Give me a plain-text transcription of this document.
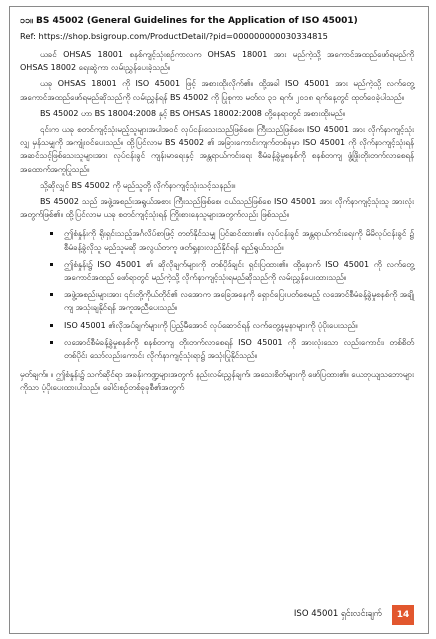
၁၁။ BS 45002 (General Guidelines for the Application of ISO 45001)
Ref: https://shop.bsigroup.com/ProductDetail/?pid=000000000030334815
ယခင် OHSAS 18001 စနစ်ကျင့်သုံးစဉ်ကာလက OHSAS 18001 အား မည်ကဲ့သို့ အကောင်အထည်ဖော်ရမည်ကို OHSAS 18002 ရေးဆွဲကာ လမ်းညွှန်ပေးခဲ့သည်။
ယခု OHSAS 18001 ကို ISO 45001 ဖြင့် အစားထိုးလိုက်၏။ ထို့အခါ ISO 45001 အား မည်ကဲ့သို့ လက်တွေ့ အကောင်အထည်ဖော်ရမည်ဆိုသည်ကို လမ်းညွှန်ရန် BS 45002 ကို ပြုစုကာ မတ်လ ၃၁ ရက်၊ ၂၀၁၈ ရက်နေ့တွင် ထုတ်ဝေခဲ့ပါသည်။
BS 45002 ဟာ BS 18004:2008 နှင့် BS OHSAS 18002:2008 တို့နေရာတွင် အစားထိုးမည်။
၎င်းက ယခု စတင်ကျင့်သုံးမည့်သူများအပါအဝင် လုပ်ငန်းသေးသည်ဖြစ်စေ၊ ကြီးသည်ဖြစ်စေ၊ ISO 45001 အား လိုက်နာကျင့်သုံးလျှ မှန်သမျှကို အကျုံးဝင်ပေးသည်။ ထို့ပြင်လာမ BS 45002 ၏ အခြားကောင်းကျက်တစ်ခုမှာ ISO 45001 ကို လိုက်နာကျင့်သုံးရန် အဆင်သင့်ဖြစ်သေးသူများအား လုပ်ငန်းခွင် ကျန်းမာရေးနှင့် အန္တရာယ်ကင်းရေး စီမံခန့်ခွဲမှုစနစ်ကို စနစ်တကျ ဖွံ့ဖြိုးတိုးတက်လာစေရန် အထောက်အကူပြုသည်။
သို့ဆိုလျှင် BS 45002 ကို မည်သူတို့ လိုက်နာကျင့်သုံးသင့်သနည်း။
BS 45002 သည် အဖွဲ့အစည်းအရွယ်အစား ကြီးသည်ဖြစ်စေ၊ ငယ်သည်ဖြစ်စေ ISO 45001 အား လိုက်နာကျင့်သုံးသူ အားလုံးအတွက်ဖြစ်၏။ ထို့ပြင်လာမ ယခု စတင်ကျင့်သုံးရန် ကြိုးစားနေသူများအတွက်လည်း ဖြစ်သည်။
ဤစံနှုန်းကို ရိုးရှင်းသည့်အင်္ဂလိပ်စာဖြင့် တတ်နိုင်သမျှ ပြင်ဆင်ထား၏။ လုပ်ငန်းခွင် အန္တရာယ်ကင်းရေးကို မိမိလုပ်ငန်းခွင် ၌ စီမံခန့်ခွဲလိုသူ မည်သူမဆို အလွယ်တကူ ဖတ်ရှုနားလည်နိုင်ရန် ရည်ရွယ်သည်။
ဤစံနှုန်း၌ ISO 45001 ၏ ဆိုလိုချက်များကို တစ်ပိုဒ်ချင်း ရှင်းပြထား၏။ ထို့နောက် ISO 45001 ကို လက်တွေ့ အကောင်အထည် ဖော်ရာတွင် မည်ကဲ့သို့ လိုက်နာကျင့်သုံးရမည်ဆိုသည်ကို လမ်းညွှန်ပေးထားသည်။
အဖွဲ့အစည်းများအား ၎င်းတို့ကိုယ်တိုင်၏ လအောက အခြေအနေကို ရှောင်ပြေးပတ်စေမည့် လအောင်စီမံခန့်ခွဲမှုစနစ်ကို အချိုကျ အသုံးချနိုင်ရန် အကူအညီပေးသည်။
ISO 45001 ၏လိုအပ်ချက်များကို ပြည့်မီအောင် လုပ်ဆောင်ရန် လက်တွေ့နမူနာများကို ပုံပိုးပေးသည်။
လအောင်စီမံခန့်ခွဲမှုစနစ်ကို စနစ်တကျ တိုးတက်လာစေရန် ISO 45001 ကို အားလုံးသော လည်းကောင်း၊ တစ်စိတ်တစ်ပိုင်း သော်လည်းကောင်း လိုက်နာကျင့်သုံးရာ၌ အသုံးပြုနိုင်သည်။
မှတ်ချက်။ ။ ဤစံနှုန်း၌ သက်ဆိုင်ရာ အခန်းကဏ္ဍများအတွက် နည်းလမ်းညွှန်ချက်၊ အသေးစိတ်များကို ဖော်ပြထား၏။ ယေဘုယျသဘောများကိုသာ ပံ့ပိုးပေးထားပါသည်။ ခေါင်းစဉ်တစ်ခုခုစီ၏အတွက်
ISO 45001 ရှင်းလင်းချက်	14
